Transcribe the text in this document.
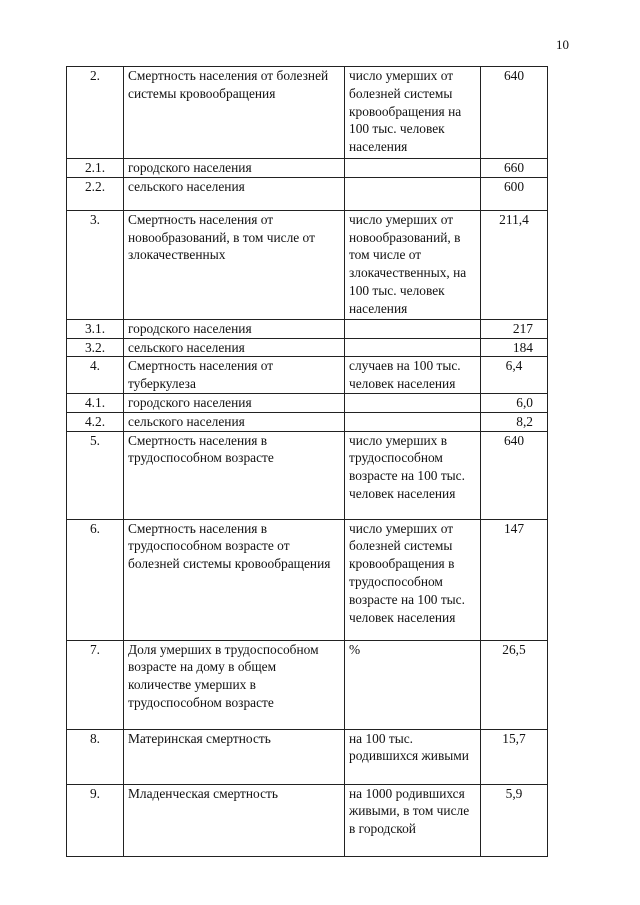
10
2.	Смертность населения от болезней системы кровообращения	число умерших от болезней системы кровообращения на 100 тыс. человек населения	640
2.1.	городского населения		660
2.2.	сельского населения		600
3.	Смертность населения от новообразований, в том числе от злокачественных	число умерших от новообразований, в том числе от злокачественных, на 100 тыс. человек населения	211,4
3.1.	городского населения		217
3.2.	сельского населения		184
4.	Смертность населения от туберкулеза	случаев на 100 тыс. человек населения	6,4
4.1.	городского населения		6,0
4.2.	сельского населения		8,2
5.	Смертность населения в трудоспособном возрасте	число умерших в трудоспособном возрасте на 100 тыс. человек населения	640
6.	Смертность населения в трудоспособном возрасте от болезней системы кровообращения	число умерших от болезней системы кровообращения в трудоспособном возрасте на 100 тыс. человек населения	147
7.	Доля умерших в трудоспособном возрасте на дому в общем количестве умерших в трудоспособном возрасте	%	26,5
8.	Материнская смертность	на 100 тыс. родившихся живыми	15,7
9.	Младенческая смертность	на 1000 родившихся живыми, в том числе в городской	5,9
